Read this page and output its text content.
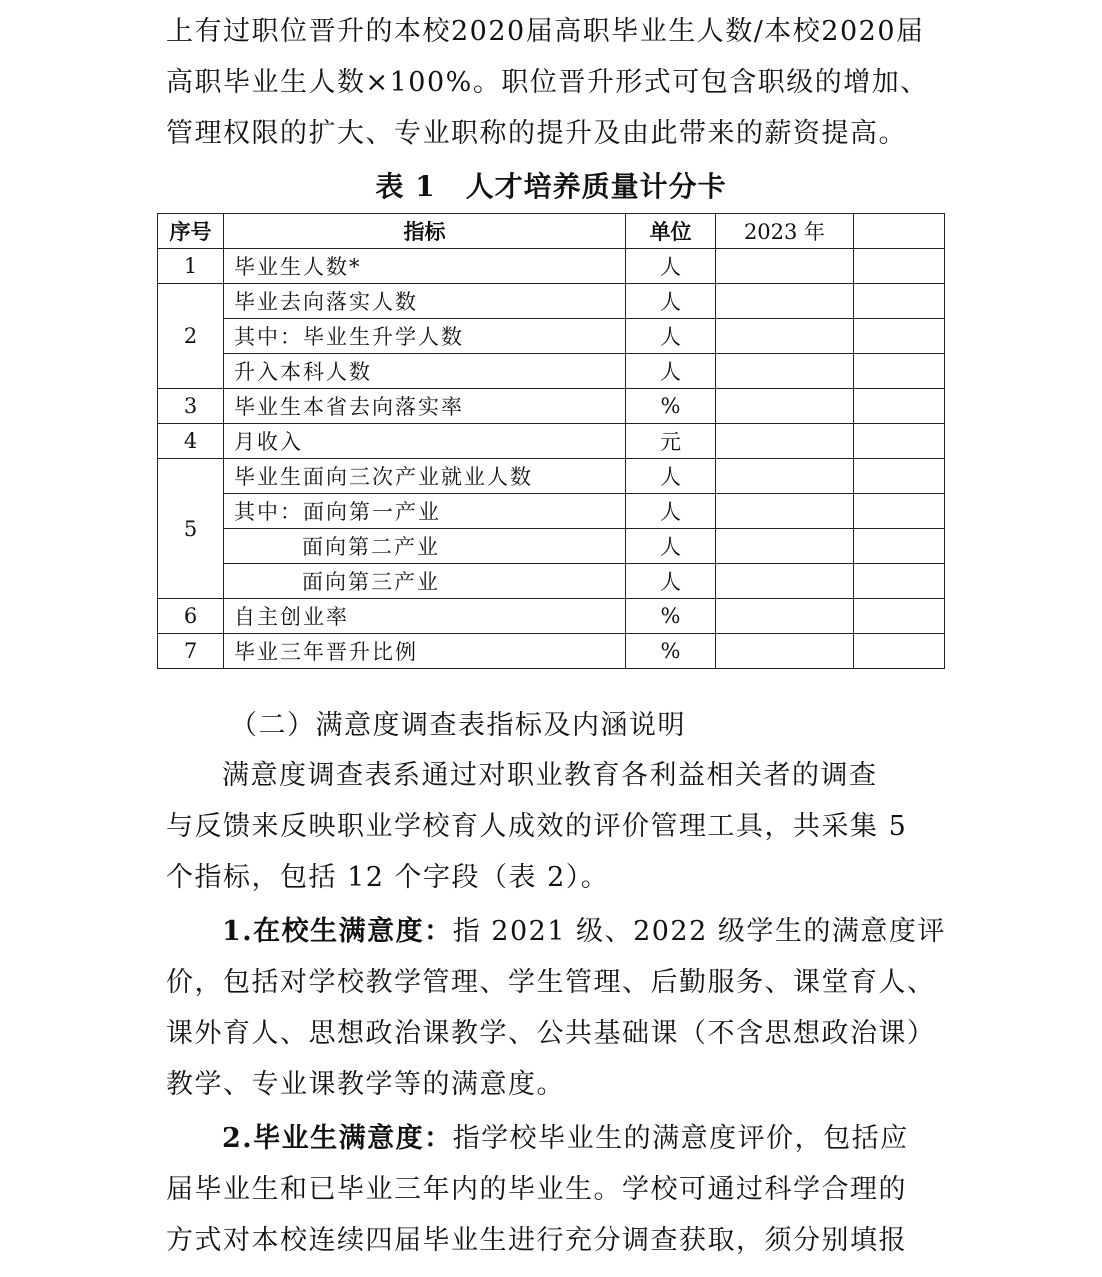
上有过职位晋升的本校2020届高职毕业生人数/本校2020届
高职毕业生人数×100%。职位晋升形式可包含职级的增加、
管理权限的扩大、专业职称的提升及由此带来的薪资提高。
表 1 人才培养质量计分卡
序号	指标	单位	2023 年	
1	毕业生人数*	人		
2	毕业去向落实人数	人		
	其中：毕业生升学人数	人		
	升入本科人数	人		
3	毕业生本省去向落实率	%		
4	月收入	元		
5	毕业生面向三次产业就业人数	人		
	其中：面向第一产业	人		
	面向第二产业	人		
	面向第三产业	人		
6	自主创业率	%		
7	毕业三年晋升比例	%		
（二）满意度调查表指标及内涵说明
满意度调查表系通过对职业教育各利益相关者的调查
与反馈来反映职业学校育人成效的评价管理工具，共采集 5
个指标，包括 12 个字段（表 2）。
1.在校生满意度：指 2021 级、2022 级学生的满意度评
价，包括对学校教学管理、学生管理、后勤服务、课堂育人、
课外育人、思想政治课教学、公共基础课（不含思想政治课）
教学、专业课教学等的满意度。
2.毕业生满意度：指学校毕业生的满意度评价，包括应
届毕业生和已毕业三年内的毕业生。学校可通过科学合理的
方式对本校连续四届毕业生进行充分调查获取，须分别填报
